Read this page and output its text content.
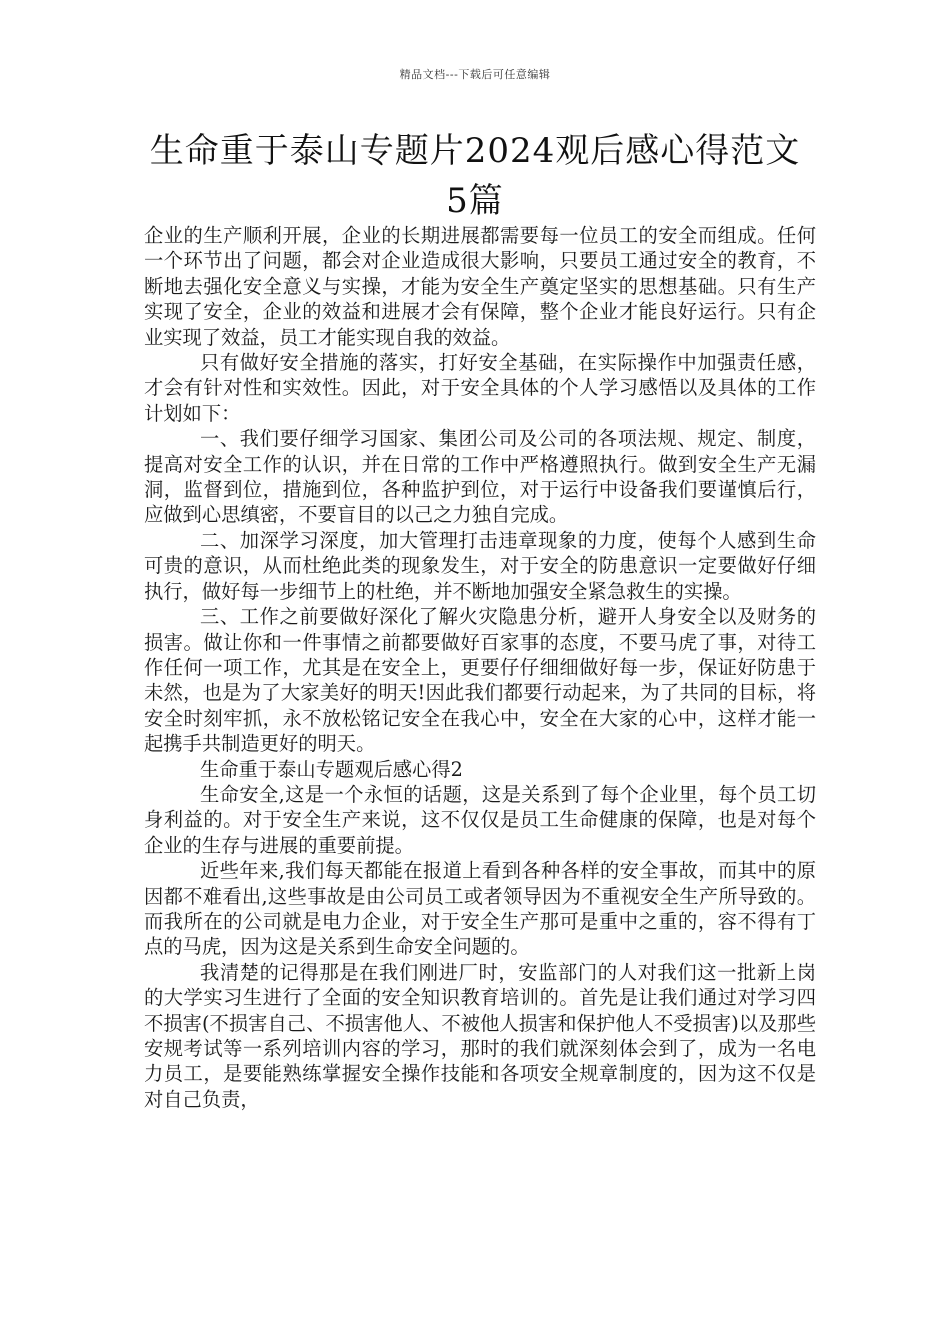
精品文档---下载后可任意编辑
生命重于泰山专题片2024观后感心得范文
5篇

企业的生产顺利开展，企业的长期进展都需要每一位员工的安全而组成。任何一个环节出了问题，都会对企业造成很大影响，只要员工通过安全的教育，不断地去强化安全意义与实操，才能为安全生产奠定坚实的思想基础。只有生产实现了安全，企业的效益和进展才会有保障，整个企业才能良好运行。只有企业实现了效益，员工才能实现自我的效益。

只有做好安全措施的落实，打好安全基础，在实际操作中加强责任感，才会有针对性和实效性。因此，对于安全具体的个人学习感悟以及具体的工作计划如下：

一、我们要仔细学习国家、集团公司及公司的各项法规、规定、制度，提高对安全工作的认识，并在日常的工作中严格遵照执行。做到安全生产无漏洞，监督到位，措施到位，各种监护到位，对于运行中设备我们要谨慎后行，应做到心思缜密，不要盲目的以己之力独自完成。

二、加深学习深度，加大管理打击违章现象的力度，使每个人感到生命可贵的意识，从而杜绝此类的现象发生，对于安全的防患意识一定要做好仔细执行，做好每一步细节上的杜绝，并不断地加强安全紧急救生的实操。

三、工作之前要做好深化了解火灾隐患分析，避开人身安全以及财务的损害。做让你和一件事情之前都要做好百家事的态度，不要马虎了事，对待工作任何一项工作，尤其是在安全上，更要仔仔细细做好每一步，保证好防患于未然，也是为了大家美好的明天!因此我们都要行动起来，为了共同的目标，将安全时刻牢抓，永不放松铭记安全在我心中，安全在大家的心中，这样才能一起携手共制造更好的明天。

生命重于泰山专题观后感心得2

生命安全,这是一个永恒的话题，这是关系到了每个企业里，每个员工切身利益的。对于安全生产来说，这不仅仅是员工生命健康的保障，也是对每个企业的生存与进展的重要前提。

近些年来,我们每天都能在报道上看到各种各样的安全事故，而其中的原因都不难看出,这些事故是由公司员工或者领导因为不重视安全生产所导致的。而我所在的公司就是电力企业，对于安全生产那可是重中之重的，容不得有丁点的马虎，因为这是关系到生命安全问题的。

我清楚的记得那是在我们刚进厂时，安监部门的人对我们这一批新上岗的大学实习生进行了全面的安全知识教育培训的。首先是让我们通过对学习四不损害(不损害自己、不损害他人、不被他人损害和保护他人不受损害)以及那些安规考试等一系列培训内容的学习，那时的我们就深刻体会到了，成为一名电力员工，是要能熟练掌握安全操作技能和各项安全规章制度的，因为这不仅是对自己负责，
